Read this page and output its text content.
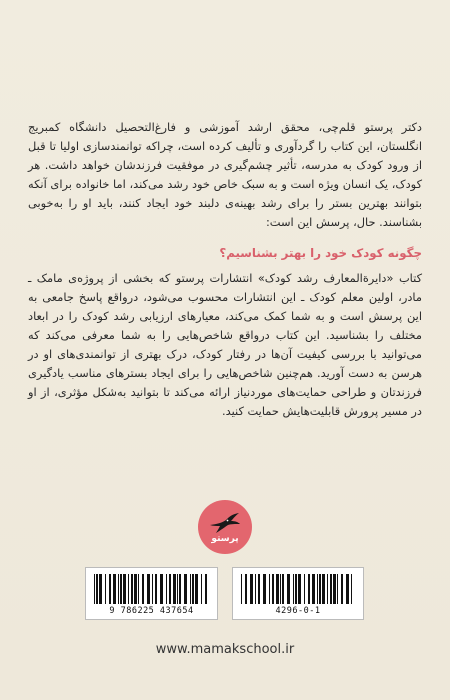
دکتر پرستو قلم‌چی، محقق ارشد آموزشی و فارغ‌التحصیل دانشگاه کمبریج انگلستان، این کتاب را گردآوری و تألیف کرده است، چراکه توانمندسازی اولیا تا قبل از ورود کودک به مدرسه، تأثیر چشم‌گیری در موفقیت فرزندشان خواهد داشت. هر کودک، یک انسان ویژه است و به سبک خاص خود رشد می‌کند، اما خانواده برای آنکه بتوانند بهترین بستر را برای رشد بهینه‌ی دلبند خود ایجاد کنند، باید او را به‌خوبی بشناسند. حال، پرسش این است:

چگونه کودک خود را بهتر بشناسیم؟

کتاب «دایرة‌المعارف رشد کودک» انتشارات پرستو که بخشی از پروژه‌ی مامک ـ مادر، اولین معلم کودک ـ این انتشارات محسوب می‌شود، درواقع پاسخ جامعی به این پرسش است و به شما کمک می‌کند، معیارهای ارزیابی رشد کودک را در ابعاد مختلف را بشناسید. این کتاب درواقع شاخص‌هایی را به شما معرفی می‌کند که می‌توانید با بررسی کیفیت آن‌ها در رفتار کودک، درک بهتری از توانمندی‌های او در هرسن به دست آورید. هم‌چنین شاخص‌هایی را برای ایجاد بسترهای مناسب یادگیری فرزندتان و طراحی حمایت‌های موردنیاز ارائه می‌کند تا بتوانید به‌شکل مؤثری، از او در مسیر پرورش قابلیت‌هایش حمایت کنید.

پرستو
9 786225 437654	4296-0-1
www.mamakschool.ir
